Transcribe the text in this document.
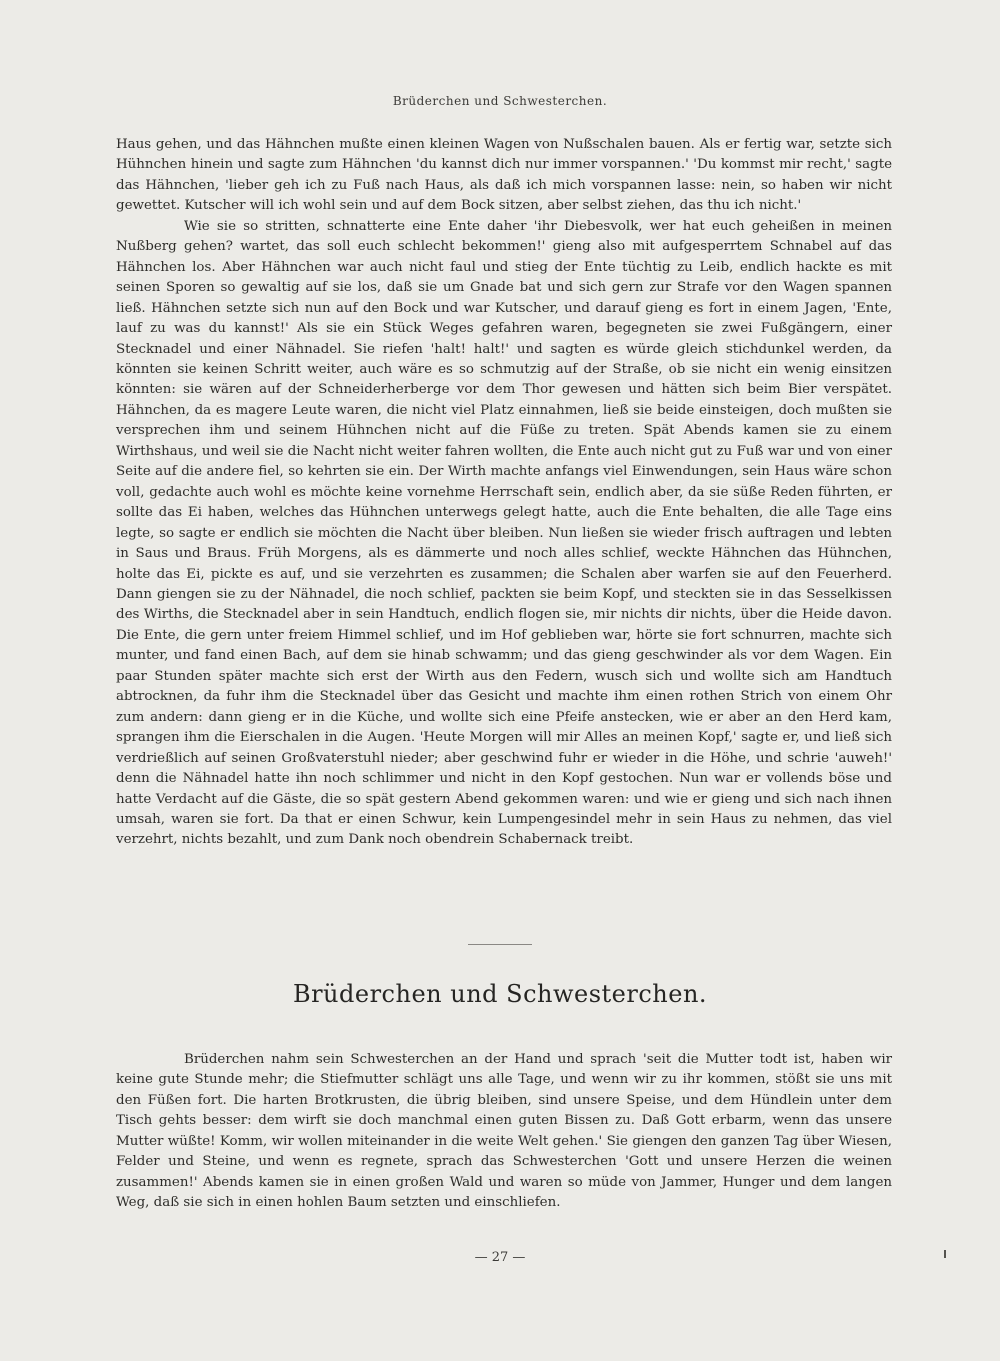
Brüderchen und Schwesterchen.

Haus gehen, und das Hähnchen mußte einen kleinen Wagen von Nußschalen bauen. Als er fertig war, setzte sich Hühnchen hinein und sagte zum Hähnchen 'du kannst dich nur immer vorspannen.' 'Du kommst mir recht,' sagte das Hähnchen, 'lieber geh ich zu Fuß nach Haus, als daß ich mich vorspannen lasse: nein, so haben wir nicht gewettet. Kutscher will ich wohl sein und auf dem Bock sitzen, aber selbst ziehen, das thu ich nicht.'

Wie sie so stritten, schnatterte eine Ente daher 'ihr Diebesvolk, wer hat euch geheißen in meinen Nußberg gehen? wartet, das soll euch schlecht bekommen!' gieng also mit aufgesperrtem Schnabel auf das Hähnchen los. Aber Hähnchen war auch nicht faul und stieg der Ente tüchtig zu Leib, endlich hackte es mit seinen Sporen so gewaltig auf sie los, daß sie um Gnade bat und sich gern zur Strafe vor den Wagen spannen ließ. Hähnchen setzte sich nun auf den Bock und war Kutscher, und darauf gieng es fort in einem Jagen, 'Ente, lauf zu was du kannst!' Als sie ein Stück Weges gefahren waren, begegneten sie zwei Fußgängern, einer Stecknadel und einer Nähnadel. Sie riefen 'halt! halt!' und sagten es würde gleich stichdunkel werden, da könnten sie keinen Schritt weiter, auch wäre es so schmutzig auf der Straße, ob sie nicht ein wenig einsitzen könnten: sie wären auf der Schneiderherberge vor dem Thor gewesen und hätten sich beim Bier verspätet. Hähnchen, da es magere Leute waren, die nicht viel Platz einnahmen, ließ sie beide einsteigen, doch mußten sie versprechen ihm und seinem Hühnchen nicht auf die Füße zu treten. Spät Abends kamen sie zu einem Wirthshaus, und weil sie die Nacht nicht weiter fahren wollten, die Ente auch nicht gut zu Fuß war und von einer Seite auf die andere fiel, so kehrten sie ein. Der Wirth machte anfangs viel Einwendungen, sein Haus wäre schon voll, gedachte auch wohl es möchte keine vornehme Herrschaft sein, endlich aber, da sie süße Reden führten, er sollte das Ei haben, welches das Hühnchen unterwegs gelegt hatte, auch die Ente behalten, die alle Tage eins legte, so sagte er endlich sie möchten die Nacht über bleiben. Nun ließen sie wieder frisch auftragen und lebten in Saus und Braus. Früh Morgens, als es dämmerte und noch alles schlief, weckte Hähnchen das Hühnchen, holte das Ei, pickte es auf, und sie verzehrten es zusammen; die Schalen aber warfen sie auf den Feuerherd. Dann giengen sie zu der Nähnadel, die noch schlief, packten sie beim Kopf, und steckten sie in das Sesselkissen des Wirths, die Stecknadel aber in sein Handtuch, endlich flogen sie, mir nichts dir nichts, über die Heide davon. Die Ente, die gern unter freiem Himmel schlief, und im Hof geblieben war, hörte sie fort schnurren, machte sich munter, und fand einen Bach, auf dem sie hinab schwamm; und das gieng geschwinder als vor dem Wagen. Ein paar Stunden später machte sich erst der Wirth aus den Federn, wusch sich und wollte sich am Handtuch abtrocknen, da fuhr ihm die Stecknadel über das Gesicht und machte ihm einen rothen Strich von einem Ohr zum andern: dann gieng er in die Küche, und wollte sich eine Pfeife anstecken, wie er aber an den Herd kam, sprangen ihm die Eierschalen in die Augen. 'Heute Morgen will mir Alles an meinen Kopf,' sagte er, und ließ sich verdrießlich auf seinen Großvaterstuhl nieder; aber geschwind fuhr er wieder in die Höhe, und schrie 'auweh!' denn die Nähnadel hatte ihn noch schlimmer und nicht in den Kopf gestochen. Nun war er vollends böse und hatte Verdacht auf die Gäste, die so spät gestern Abend gekommen waren: und wie er gieng und sich nach ihnen umsah, waren sie fort. Da that er einen Schwur, kein Lumpengesindel mehr in sein Haus zu nehmen, das viel verzehrt, nichts bezahlt, und zum Dank noch obendrein Schabernack treibt.

Brüderchen und Schwesterchen.

Brüderchen nahm sein Schwesterchen an der Hand und sprach 'seit die Mutter todt ist, haben wir keine gute Stunde mehr; die Stiefmutter schlägt uns alle Tage, und wenn wir zu ihr kommen, stößt sie uns mit den Füßen fort. Die harten Brotkrusten, die übrig bleiben, sind unsere Speise, und dem Hündlein unter dem Tisch gehts besser: dem wirft sie doch manchmal einen guten Bissen zu. Daß Gott erbarm, wenn das unsere Mutter wüßte! Komm, wir wollen miteinander in die weite Welt gehen.' Sie giengen den ganzen Tag über Wiesen, Felder und Steine, und wenn es regnete, sprach das Schwesterchen 'Gott und unsere Herzen die weinen zusammen!' Abends kamen sie in einen großen Wald und waren so müde von Jammer, Hunger und dem langen Weg, daß sie sich in einen hohlen Baum setzten und einschliefen.

— 27 —
